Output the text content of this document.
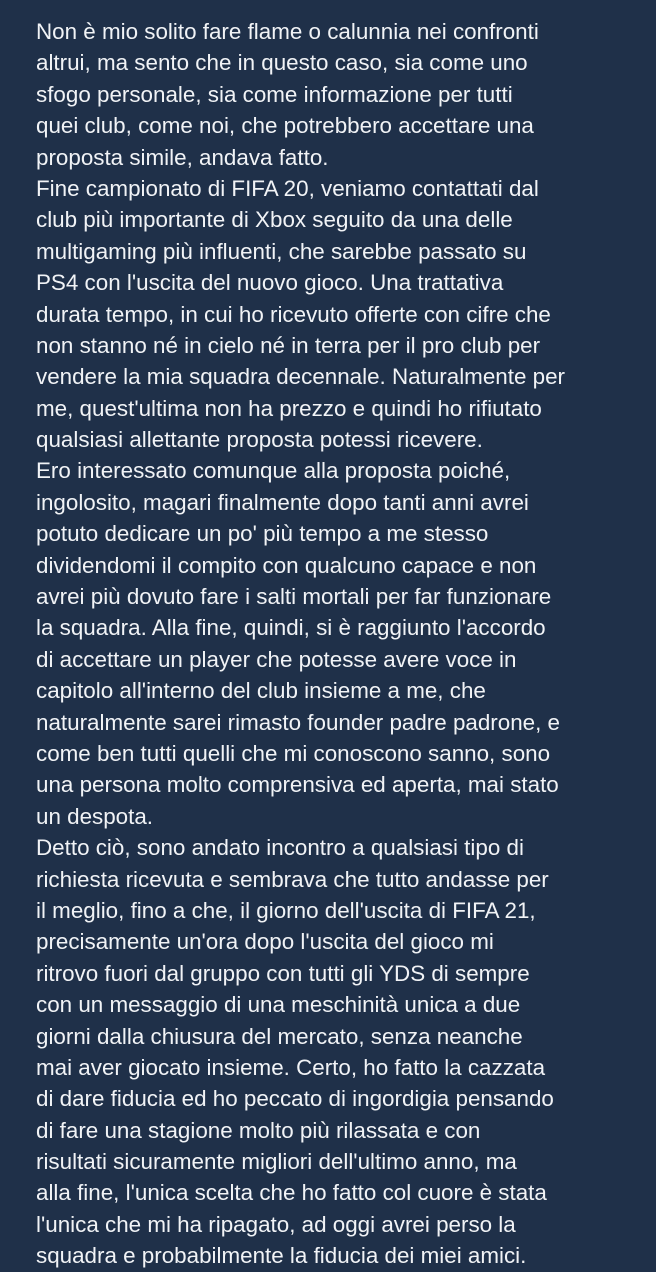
Non è mio solito fare flame o calunnia nei confronti
altrui, ma sento che in questo caso, sia come uno
sfogo personale, sia come informazione per tutti
quei club, come noi, che potrebbero accettare una
proposta simile, andava fatto.
Fine campionato di FIFA 20, veniamo contattati dal
club più importante di Xbox seguito da una delle
multigaming più influenti, che sarebbe passato su
PS4 con l'uscita del nuovo gioco. Una trattativa
durata tempo, in cui ho ricevuto offerte con cifre che
non stanno né in cielo né in terra per il pro club per
vendere la mia squadra decennale. Naturalmente per
me, quest'ultima non ha prezzo e quindi ho rifiutato
qualsiasi allettante proposta potessi ricevere.
Ero interessato comunque alla proposta poiché,
ingolosito, magari finalmente dopo tanti anni avrei
potuto dedicare un po' più tempo a me stesso
dividendomi il compito con qualcuno capace e non
avrei più dovuto fare i salti mortali per far funzionare
la squadra. Alla fine, quindi, si è raggiunto l'accordo
di accettare un player che potesse avere voce in
capitolo all'interno del club insieme a me, che
naturalmente sarei rimasto founder padre padrone, e
come ben tutti quelli che mi conoscono sanno, sono
una persona molto comprensiva ed aperta, mai stato
un despota.
Detto ciò, sono andato incontro a qualsiasi tipo di
richiesta ricevuta e sembrava che tutto andasse per
il meglio, fino a che, il giorno dell'uscita di FIFA 21,
precisamente un'ora dopo l'uscita del gioco mi
ritrovo fuori dal gruppo con tutti gli YDS di sempre
con un messaggio di una meschinità unica a due
giorni dalla chiusura del mercato, senza neanche
mai aver giocato insieme. Certo, ho fatto la cazzata
di dare fiducia ed ho peccato di ingordigia pensando
di fare una stagione molto più rilassata e con
risultati sicuramente migliori dell'ultimo anno, ma
alla fine, l'unica scelta che ho fatto col cuore è stata
l'unica che mi ha ripagato, ad oggi avrei perso la
squadra e probabilmente la fiducia dei miei amici.
